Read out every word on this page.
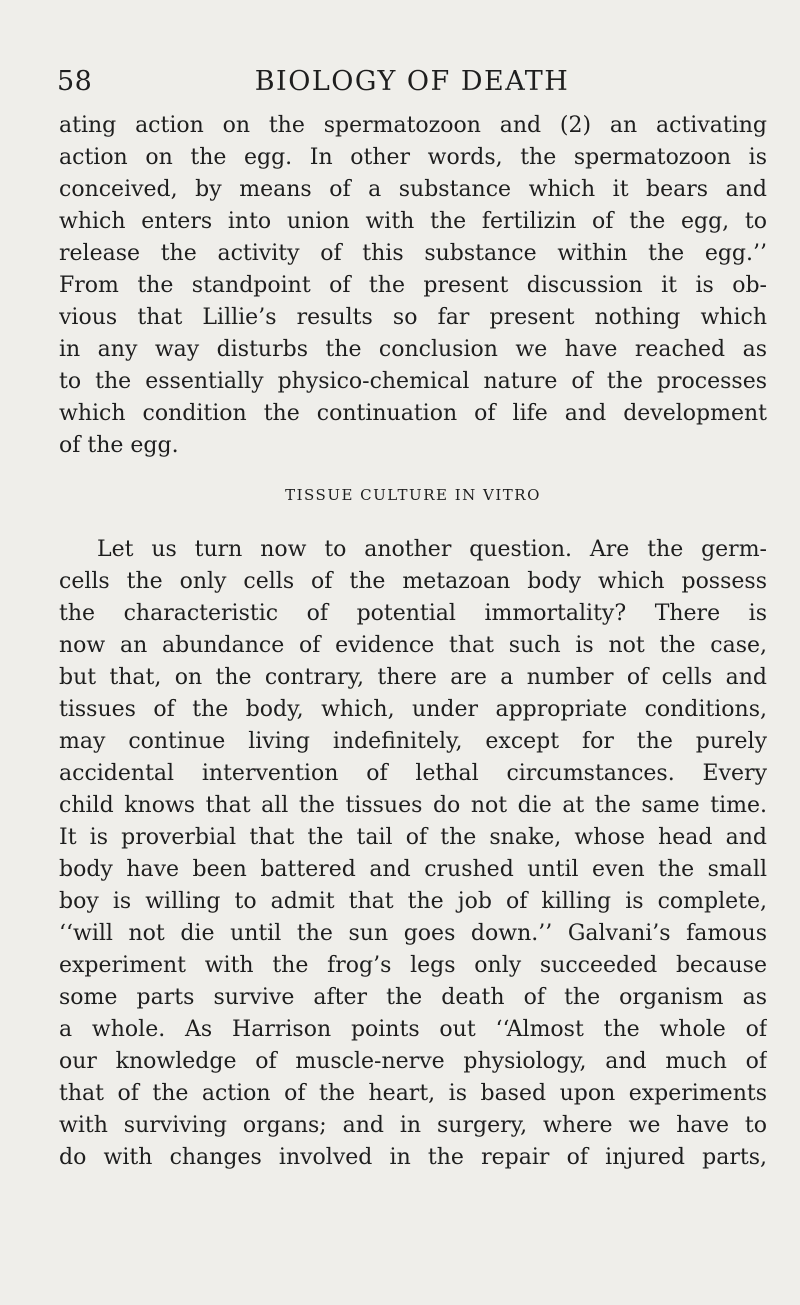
58	BIOLOGY OF DEATH
ating action on the spermatozoon and (2) an activating
action on the egg. In other words, the spermatozoon is
conceived, by means of a substance which it bears and
which enters into union with the fertilizin of the egg, to
release the activity of this substance within the egg.’’
From the standpoint of the present discussion it is ob-
vious that Lillie’s results so far present nothing which
in any way disturbs the conclusion we have reached as
to the essentially physico-chemical nature of the processes
which condition the continuation of life and development
of the egg.
TISSUE CULTURE IN VITRO
Let us turn now to another question. Are the germ-
cells the only cells of the metazoan body which possess
the characteristic of potential immortality? There is
now an abundance of evidence that such is not the case,
but that, on the contrary, there are a number of cells and
tissues of the body, which, under appropriate conditions,
may continue living indefinitely, except for the purely
accidental intervention of lethal circumstances. Every
child knows that all the tissues do not die at the same time.
It is proverbial that the tail of the snake, whose head and
body have been battered and crushed until even the small
boy is willing to admit that the job of killing is complete,
‘‘will not die until the sun goes down.’’ Galvani’s famous
experiment with the frog’s legs only succeeded because
some parts survive after the death of the organism as
a whole. As Harrison points out ‘‘Almost the whole of
our knowledge of muscle-nerve physiology, and much of
that of the action of the heart, is based upon experiments
with surviving organs; and in surgery, where we have to
do with changes involved in the repair of injured parts,
